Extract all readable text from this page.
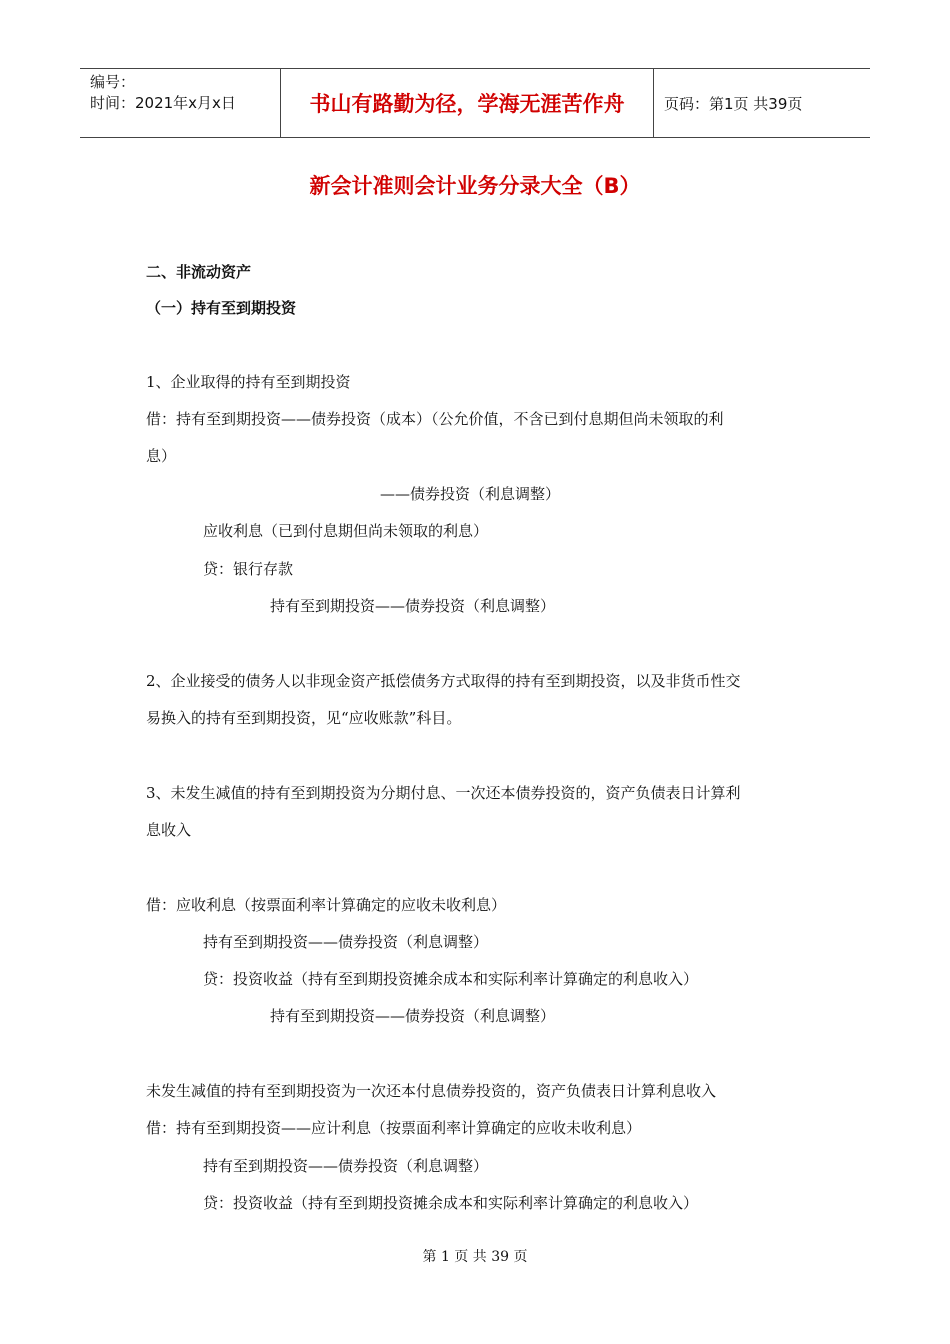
编号：
时间：2021年x月x日	书山有路勤为径，学海无涯苦作舟	页码：第1页 共39页
新会计准则会计业务分录大全（B）
二、非流动资产
（一）持有至到期投资
1、企业取得的持有至到期投资
借：持有至到期投资——债券投资（成本）（公允价值，不含已到付息期但尚未领取的利
息）
——债券投资（利息调整）
应收利息（已到付息期但尚未领取的利息）
贷：银行存款
持有至到期投资——债券投资（利息调整）
2、企业接受的债务人以非现金资产抵偿债务方式取得的持有至到期投资，以及非货币性交
易换入的持有至到期投资，见“应收账款”科目。
3、未发生减值的持有至到期投资为分期付息、一次还本债券投资的，资产负债表日计算利
息收入
借：应收利息（按票面利率计算确定的应收未收利息）
持有至到期投资——债券投资（利息调整）
贷：投资收益（持有至到期投资摊余成本和实际利率计算确定的利息收入）
持有至到期投资——债券投资（利息调整）
未发生减值的持有至到期投资为一次还本付息债券投资的，资产负债表日计算利息收入
借：持有至到期投资——应计利息（按票面利率计算确定的应收未收利息）
持有至到期投资——债券投资（利息调整）
贷：投资收益（持有至到期投资摊余成本和实际利率计算确定的利息收入）
第 1 页 共 39 页
